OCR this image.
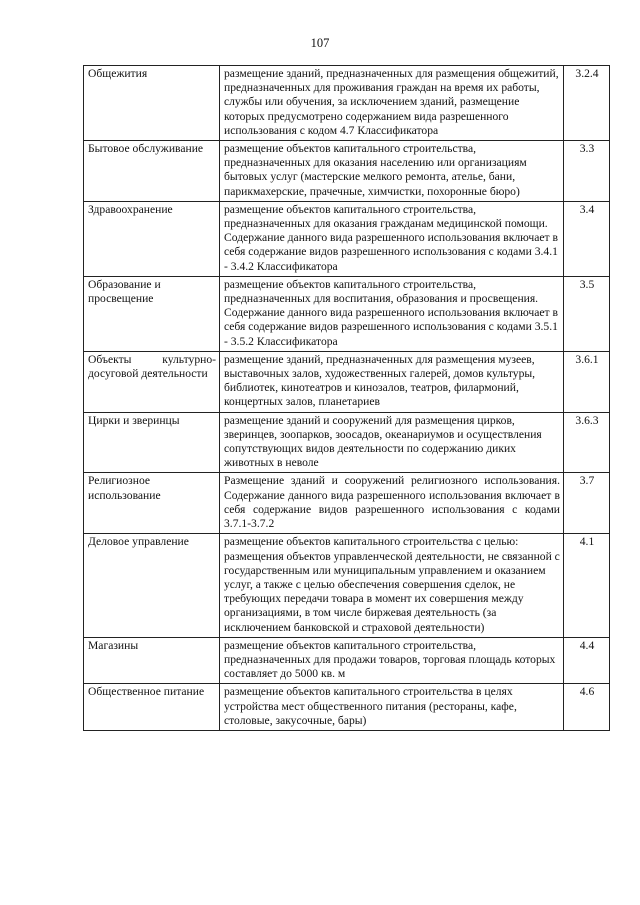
107
Общежития	размещение зданий, предназначенных для размещения общежитий, предназначенных для проживания граждан на время их работы, службы или обучения, за исключением зданий, размещение которых предусмотрено содержанием вида разрешенного использования с кодом 4.7 Классификатора	3.2.4
Бытовое обслуживание	размещение объектов капитального строительства, предназначенных для оказания населению или организациям бытовых услуг (мастерские мелкого ремонта, ателье, бани, парикмахерские, прачечные, химчистки, похоронные бюро)	3.3
Здравоохранение	размещение объектов капитального строительства, предназначенных для оказания гражданам медицинской помощи. Содержание данного вида разрешенного использования включает в себя содержание видов разрешенного использования с кодами 3.4.1 - 3.4.2 Классификатора	3.4
Образование и просвещение	размещение объектов капитального строительства, предназначенных для воспитания, образования и просвещения. Содержание данного вида разрешенного использования включает в себя содержание видов разрешенного использования с кодами 3.5.1 - 3.5.2 Классификатора	3.5
Объекты культурно-досуговой деятельности	размещение зданий, предназначенных для размещения музеев, выставочных залов, художественных галерей, домов культуры, библиотек, кинотеатров и кинозалов, театров, филармоний, концертных залов, планетариев	3.6.1
Цирки и зверинцы	размещение зданий и сооружений для размещения цирков, зверинцев, зоопарков, зоосадов, океанариумов и осуществления сопутствующих видов деятельности по содержанию диких животных в неволе	3.6.3
Религиозное использование	Размещение зданий и сооружений религиозного использования. Содержание данного вида разрешенного использования включает в себя содержание видов разрешенного использования с кодами 3.7.1-3.7.2	3.7
Деловое управление	размещение объектов капитального строительства с целью: размещения объектов управленческой деятельности, не связанной с государственным или муниципальным управлением и оказанием услуг, а также с целью обеспечения совершения сделок, не требующих передачи товара в момент их совершения между организациями, в том числе биржевая деятельность (за исключением банковской и страховой деятельности)	4.1
Магазины	размещение объектов капитального строительства, предназначенных для продажи товаров, торговая площадь которых составляет до 5000 кв. м	4.4
Общественное питание	размещение объектов капитального строительства в целях устройства мест общественного питания (рестораны, кафе, столовые, закусочные, бары)	4.6
